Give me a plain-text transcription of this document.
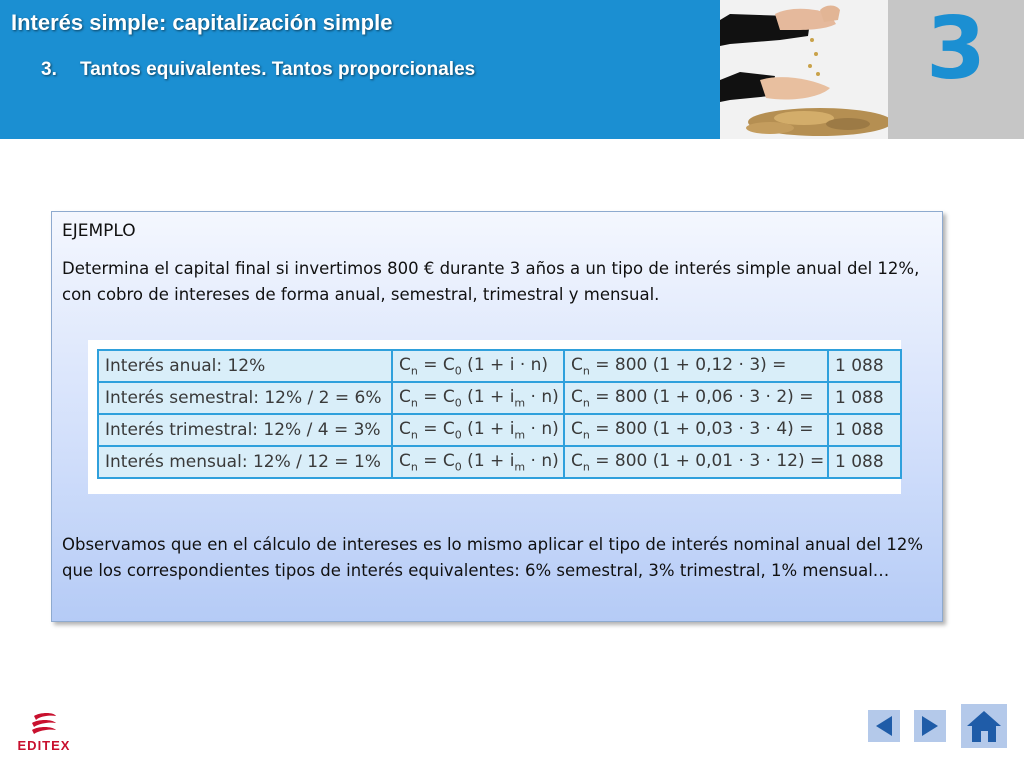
Interés simple: capitalización simple
3. Tantos equivalentes. Tantos proporcionales	3
EJEMPLO
Determina el capital final si invertimos 800 € durante 3 años a un tipo de interés simple anual del 12%, con cobro de intereses de forma anual, semestral, trimestral y mensual.
Interés anual: 12%	$C_n = C_0$ (1 + i · n)	$C_n = 800$ (1 + 0,12 · 3) =	1 088
Interés semestral: 12% / 2 = 6%	$C_n = C_0$ $(1 + i_m \cdot n)$	$C_n = 800$ (1 + 0,06 · 3 · 2) =	1 088
Interés trimestral: 12% / 4 = 3%	$C_n = C_0$ $(1 + i_m \cdot n)$	$C_n = 800$ (1 + 0,03 · 3 · 4) =	1 088
Interés mensual: 12% / 12 = 1%	$C_n = C_0$ $(1 + i_m \cdot n)$	$C_n = 800$ (1 + 0,01 · 3 · 12) =	1 088
Observamos que en el cálculo de intereses es lo mismo aplicar el tipo de interés nominal anual del 12% que los correspondientes tipos de interés equivalentes: 6% semestral, 3% trimestral, 1% mensual…
EDITEX
